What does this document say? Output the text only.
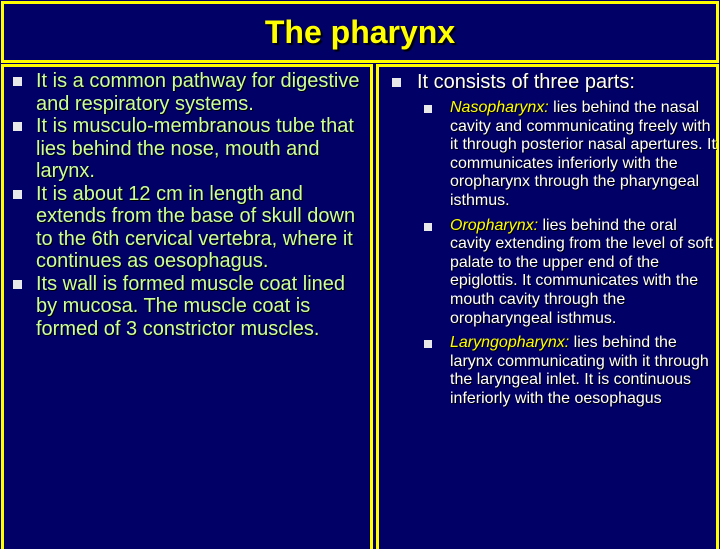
The pharynx
It is a common pathway for digestive and respiratory systems.
It is musculo-membranous tube that lies behind the nose, mouth and larynx.
It is about 12 cm in length and extends from the base of skull down to the 6th cervical vertebra, where it continues as oesophagus.
Its wall is formed muscle coat lined by mucosa. The muscle coat is formed of 3 constrictor muscles.
It consists of three parts:
Nasopharynx: lies behind the nasal cavity and communicating freely with it through posterior nasal apertures. It communicates inferiorly with the oropharynx through the pharyngeal isthmus.
Oropharynx: lies behind the oral cavity extending from the level of soft palate to the upper end of the epiglottis. It communicates with the mouth cavity through the oropharyngeal isthmus.
Laryngopharynx: lies behind the larynx communicating with it through the laryngeal inlet. It is continuous inferiorly with the oesophagus
